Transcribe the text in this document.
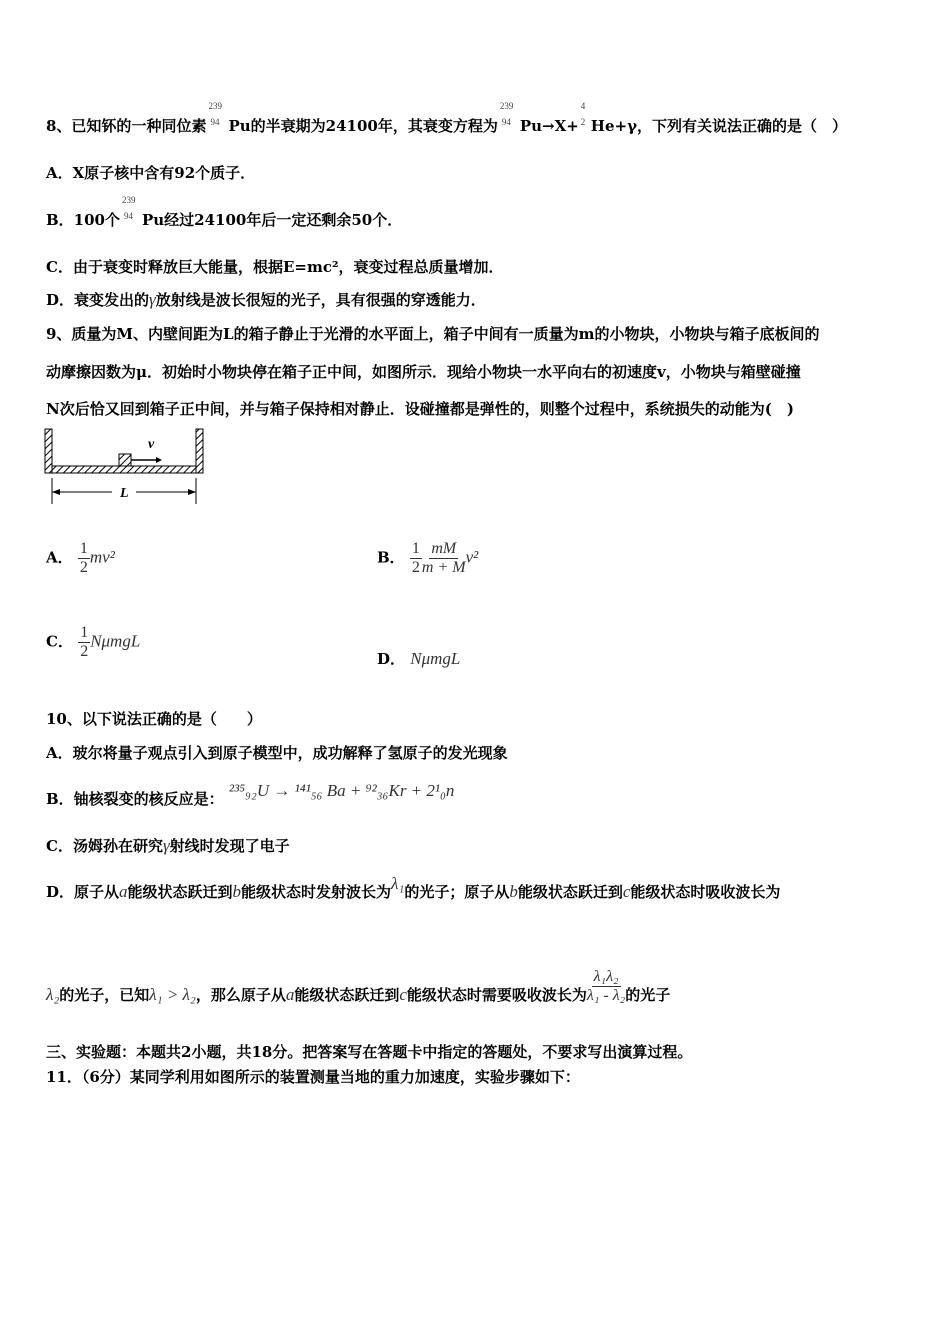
8、已知钚的一种同位素
239
94 Pu的半衰期为24100年，其衰变方程为
239
94 Pu→X+
4
2 He+γ，下列有关说法正确的是（　）
A．X原子核中含有92个质子．
B．100个
239
94 Pu经过24100年后一定还剩余50个．
C．由于衰变时释放巨大能量，根据E=mc²，衰变过程总质量增加．
D．衰变发出的γ放射线是波长很短的光子，具有很强的穿透能力．
9、质量为M、内壁间距为L的箱子静止于光滑的水平面上，箱子中间有一质量为m的小物块，小物块与箱子底板间的
动摩擦因数为μ．初始时小物块停在箱子正中间，如图所示．现给小物块一水平向右的初速度v，小物块与箱壁碰撞
N次后恰又回到箱子正中间，并与箱子保持相对静止．设碰撞都是弹性的，则整个过程中，系统损失的动能为(　)
v
L
A． $\frac{1}{2} mv^2$	B． $\frac{1}{2} \frac{mM}{m + M} v^2$
C． $\frac{1}{2}$ NμmgL
D． NμmgL
10、以下说法正确的是（　　）
A．玻尔将量子观点引入到原子模型中，成功解释了氢原子的发光现象
B．铀核裂变的核反应是： ²³⁵₉₂U → ¹⁴¹₅₆ Ba + ⁹²₃₆Kr + 2¹₀n
C．汤姆孙在研究γ射线时发现了电子
D．原子从a能级状态跃迁到b能级状态时发射波长为λ₁的光子；原子从b能级状态跃迁到c能级状态时吸收波长为
λ₂的光子，已知λ₁ > λ₂，那么原子从a能级状态跃迁到c能级状态时需要吸收波长为 $\frac{\text{λ₁λ₂}}{\text{λ₁ - λ₂}}$ 的光子
三、实验题：本题共2小题，共18分。把答案写在答题卡中指定的答题处，不要求写出演算过程。
11．（6分）某同学利用如图所示的装置测量当地的重力加速度，实验步骤如下：
